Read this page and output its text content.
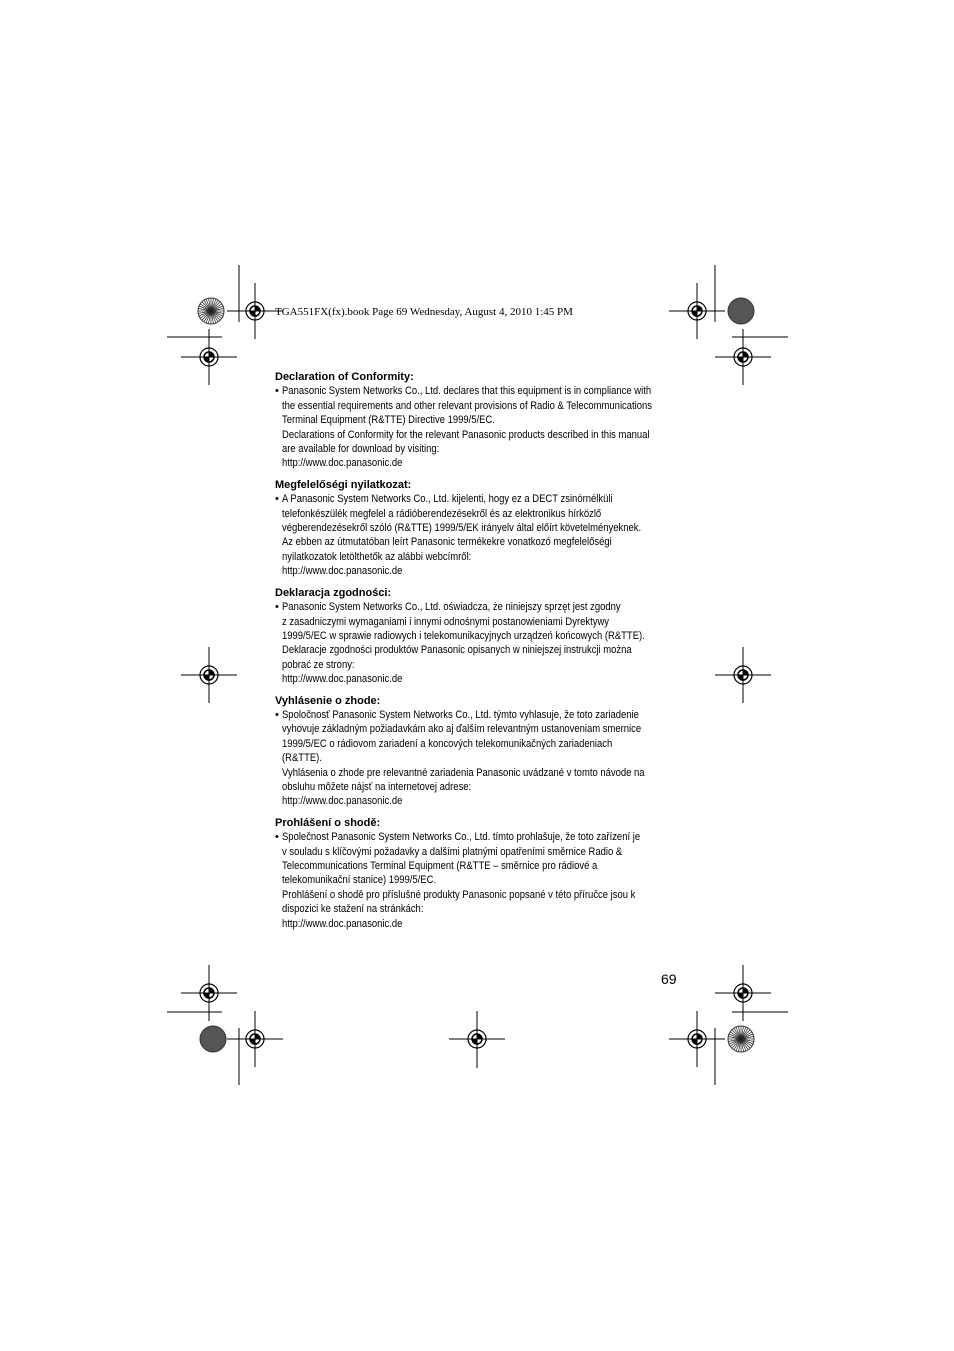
TGA551FX(fx).book Page 69 Wednesday, August 4, 2010 1:45 PM
Declaration of Conformity:
• Panasonic System Networks Co., Ltd. declares that this equipment is in compliance with
the essential requirements and other relevant provisions of Radio & Telecommunications
Terminal Equipment (R&TTE) Directive 1999/5/EC.
Declarations of Conformity for the relevant Panasonic products described in this manual
are available for download by visiting:
http://www.doc.panasonic.de
Megfelelőségi nyilatkozat:
• A Panasonic System Networks Co., Ltd. kijelenti, hogy ez a DECT zsinórnélküli
telefonkészülék megfelel a rádióberendezésekről és az elektronikus hírközlő
végberendezésekről szóló (R&TTE) 1999/5/EK irányelv által előírt követelményeknek.
Az ebben az útmutatóban leírt Panasonic termékekre vonatkozó megfelelőségi
nyilatkozatok letölthetők az alábbi webcímről:
http://www.doc.panasonic.de
Deklaracja zgodności:
• Panasonic System Networks Co., Ltd. oświadcza, że niniejszy sprzęt jest zgodny
z zasadniczymi wymaganiami i innymi odnośnymi postanowieniami Dyrektywy
1999/5/EC w sprawie radiowych i telekomunikacyjnych urządzeń końcowych (R&TTE).
Deklaracje zgodności produktów Panasonic opisanych w niniejszej instrukcji można
pobrać ze strony:
http://www.doc.panasonic.de
Vyhlásenie o zhode:
• Spoločnosť Panasonic System Networks Co., Ltd. týmto vyhlasuje, že toto zariadenie
vyhovuje základným požiadavkám ako aj ďalším relevantným ustanoveniam smernice
1999/5/EC o rádiovom zariadení a koncových telekomunikačných zariadeniach
(R&TTE).
Vyhlásenia o zhode pre relevantné zariadenia Panasonic uvádzané v tomto návode na
obsluhu môžete nájsť na internetovej adrese:
http://www.doc.panasonic.de
Prohlášení o shodě:
• Společnost Panasonic System Networks Co., Ltd. tímto prohlašuje, že toto zařízení je
v souladu s klíčovými požadavky a dalšími platnými opatřeními směrnice Radio &
Telecommunications Terminal Equipment (R&TTE – směrnice pro rádiové a
telekomunikační stanice) 1999/5/EC.
Prohlášení o shodě pro příslušné produkty Panasonic popsané v této příručce jsou k
dispozici ke stažení na stránkách:
http://www.doc.panasonic.de
69
